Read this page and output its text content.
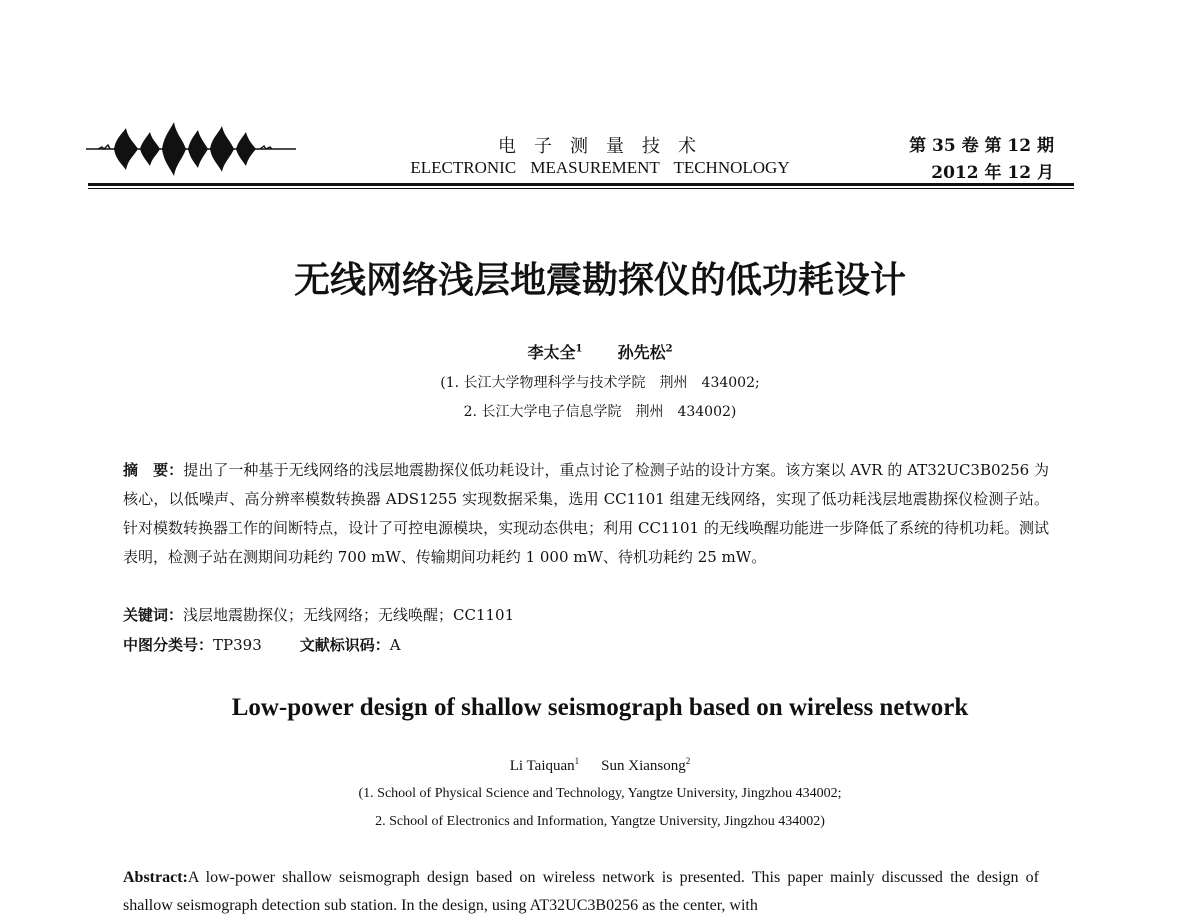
电子测量技术
ELECTRONIC MEASUREMENT TECHNOLOGY
第 35 卷 第 12 期
2012 年 12 月
无线网络浅层地震勘探仪的低功耗设计
李太全$^1$ 孙先松$^2$
(1. 长江大学物理科学与技术学院　荆州　434002;
2. 长江大学电子信息学院　荆州　434002)
摘　要：提出了一种基于无线网络的浅层地震勘探仪低功耗设计，重点讨论了检测子站的设计方案。该方案以 AVR 的 AT32UC3B0256 为核心，以低噪声、高分辨率模数转换器 ADS1255 实现数据采集，选用 CC1101 组建无线网络，实现了低功耗浅层地震勘探仪检测子站。针对模数转换器工作的间断特点，设计了可控电源模块，实现动态供电；利用 CC1101 的无线唤醒功能进一步降低了系统的待机功耗。测试表明，检测子站在测期间功耗约 700 mW、传输期间功耗约 1 000 mW、待机功耗约 25 mW。
关键词：浅层地震勘探仪；无线网络；无线唤醒；CC1101
中图分类号：TP393	文献标识码：A
Low-power design of shallow seismograph based on wireless network
Li Taiquan$^1$ Sun Xiansong$^2$
(1. School of Physical Science and Technology, Yangtze University, Jingzhou 434002;
2. School of Electronics and Information, Yangtze University, Jingzhou 434002)
Abstract:A low-power shallow seismograph design based on wireless network is presented. This paper mainly discussed the design of shallow seismograph detection sub station. In the design, using AT32UC3B0256 as the center, with
